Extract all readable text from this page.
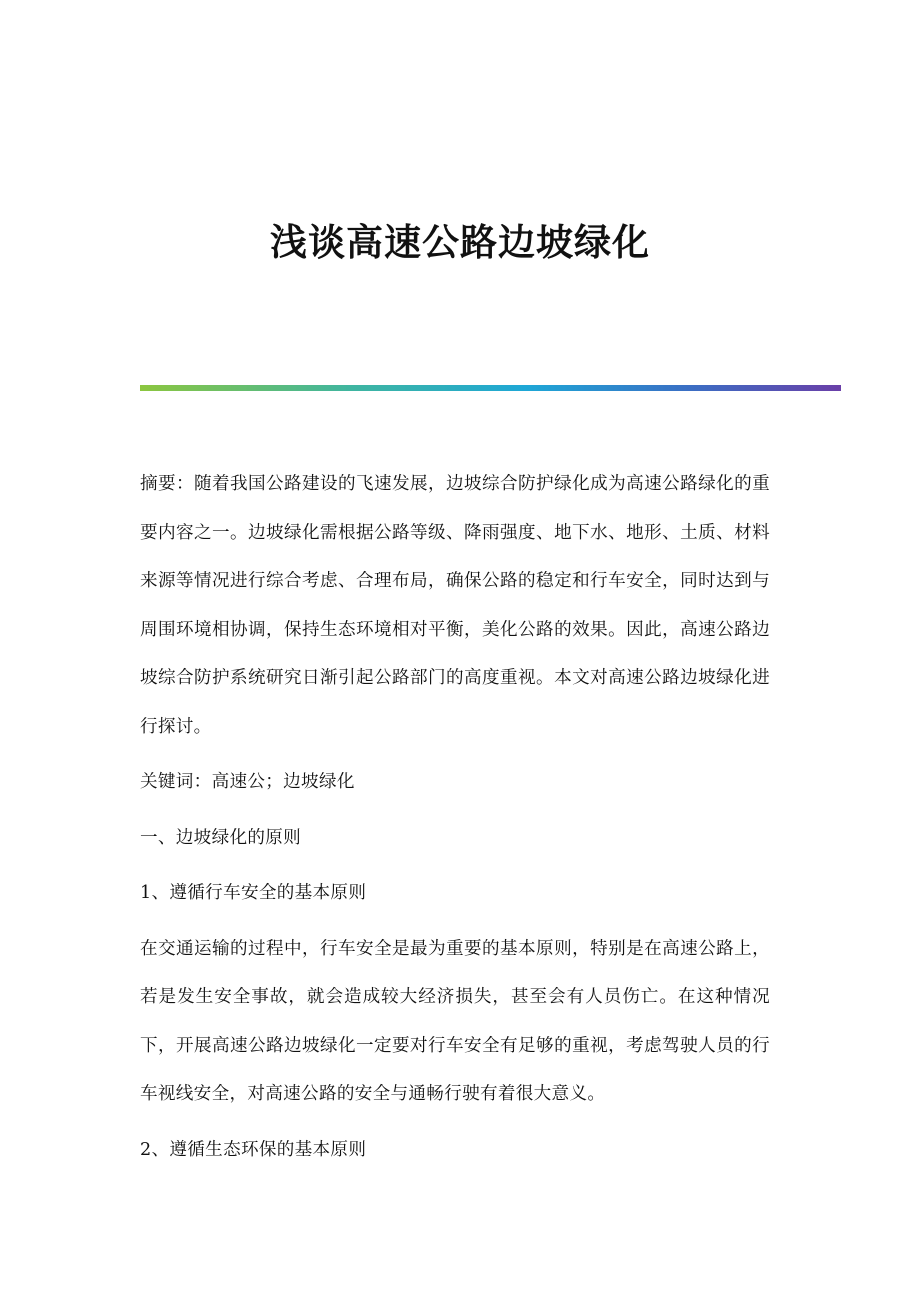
浅谈高速公路边坡绿化

摘要：随着我国公路建设的飞速发展，边坡综合防护绿化成为高速公路绿化的重要内容之一。边坡绿化需根据公路等级、降雨强度、地下水、地形、土质、材料来源等情况进行综合考虑、合理布局，确保公路的稳定和行车安全，同时达到与周围环境相协调，保持生态环境相对平衡，美化公路的效果。因此，高速公路边坡综合防护系统研究日渐引起公路部门的高度重视。本文对高速公路边坡绿化进行探讨。

关键词：高速公；边坡绿化

一、边坡绿化的原则

1、遵循行车安全的基本原则

在交通运输的过程中，行车安全是最为重要的基本原则，特别是在高速公路上，若是发生安全事故，就会造成较大经济损失，甚至会有人员伤亡。在这种情况下，开展高速公路边坡绿化一定要对行车安全有足够的重视，考虑驾驶人员的行车视线安全，对高速公路的安全与通畅行驶有着很大意义。

2、遵循生态环保的基本原则
